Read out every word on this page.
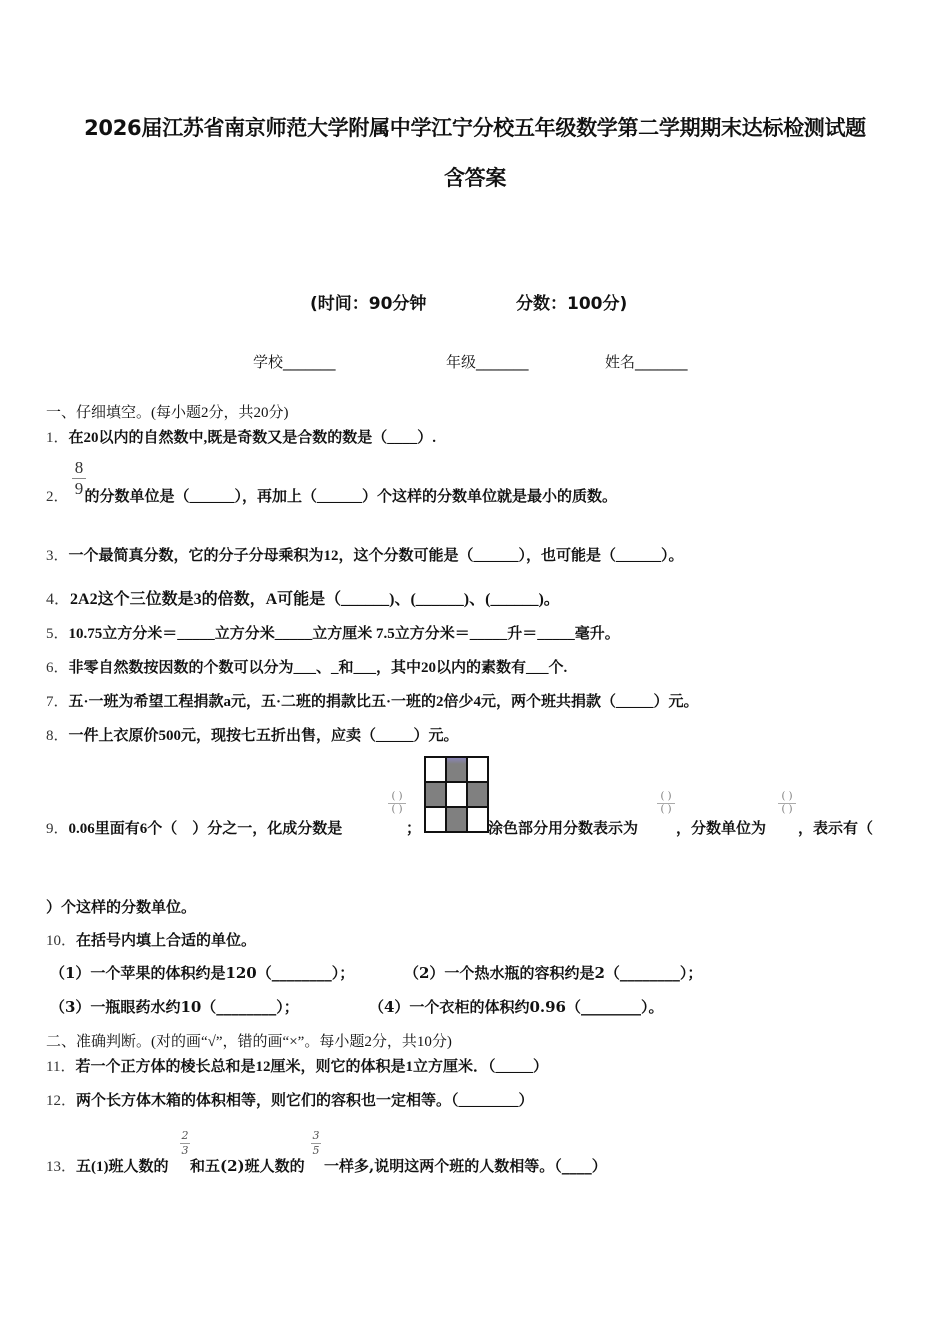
2026届江苏省南京师范大学附属中学江宁分校五年级数学第二学期期末达标检测试题
含答案
(时间：90分钟	分数：100分)
学校_______	年级_______	姓名_______
一、仔细填空。(每小题2分，共20分)
1．在20以内的自然数中,既是奇数又是合数的数是（____）.
8
9
2． 的分数单位是（______），再加上（______）个这样的分数单位就是最小的质数。
3．一个最简真分数，它的分子分母乘积为12，这个分数可能是（______），也可能是（______）。
4．2A2这个三位数是3的倍数，A可能是（______)、(______)、(______)。
5．10.75立方分米＝_____立方分米_____立方厘米 7.5立方分米＝_____升＝_____毫升。
6．非零自然数按因数的个数可以分为___、_和___，其中20以内的素数有___个.
7．五·一班为希望工程捐款a元，五·二班的捐款比五·一班的2倍少4元，两个班共捐款（_____）元。
8．一件上衣原价500元，现按七五折出售，应卖（_____）元。
9．0.06里面有6个（　）分之一，化成分数是
( )
( )
；	涂色部分用分数表示为
( )
( )
，分数单位为
( )
( )
，表示有（
）个这样的分数单位。
10．在括号内填上合适的单位。
（1）一个苹果的体积约是120（________）；	（2）一个热水瓶的容积约是2（________）；
（3）一瓶眼药水约10（________）；	（4）一个衣柜的体积约0.96（________）。
二、准确判断。(对的画“√”，错的画“×”。每小题2分，共10分)
11．若一个正方体的棱长总和是12厘米，则它的体积是1立方厘米．（_____）
12．两个长方体木箱的体积相等，则它们的容积也一定相等。（________）
13．五(1)班人数的
2
3
和五(2)班人数的
3
5
一样多,说明这两个班的人数相等。（____）
